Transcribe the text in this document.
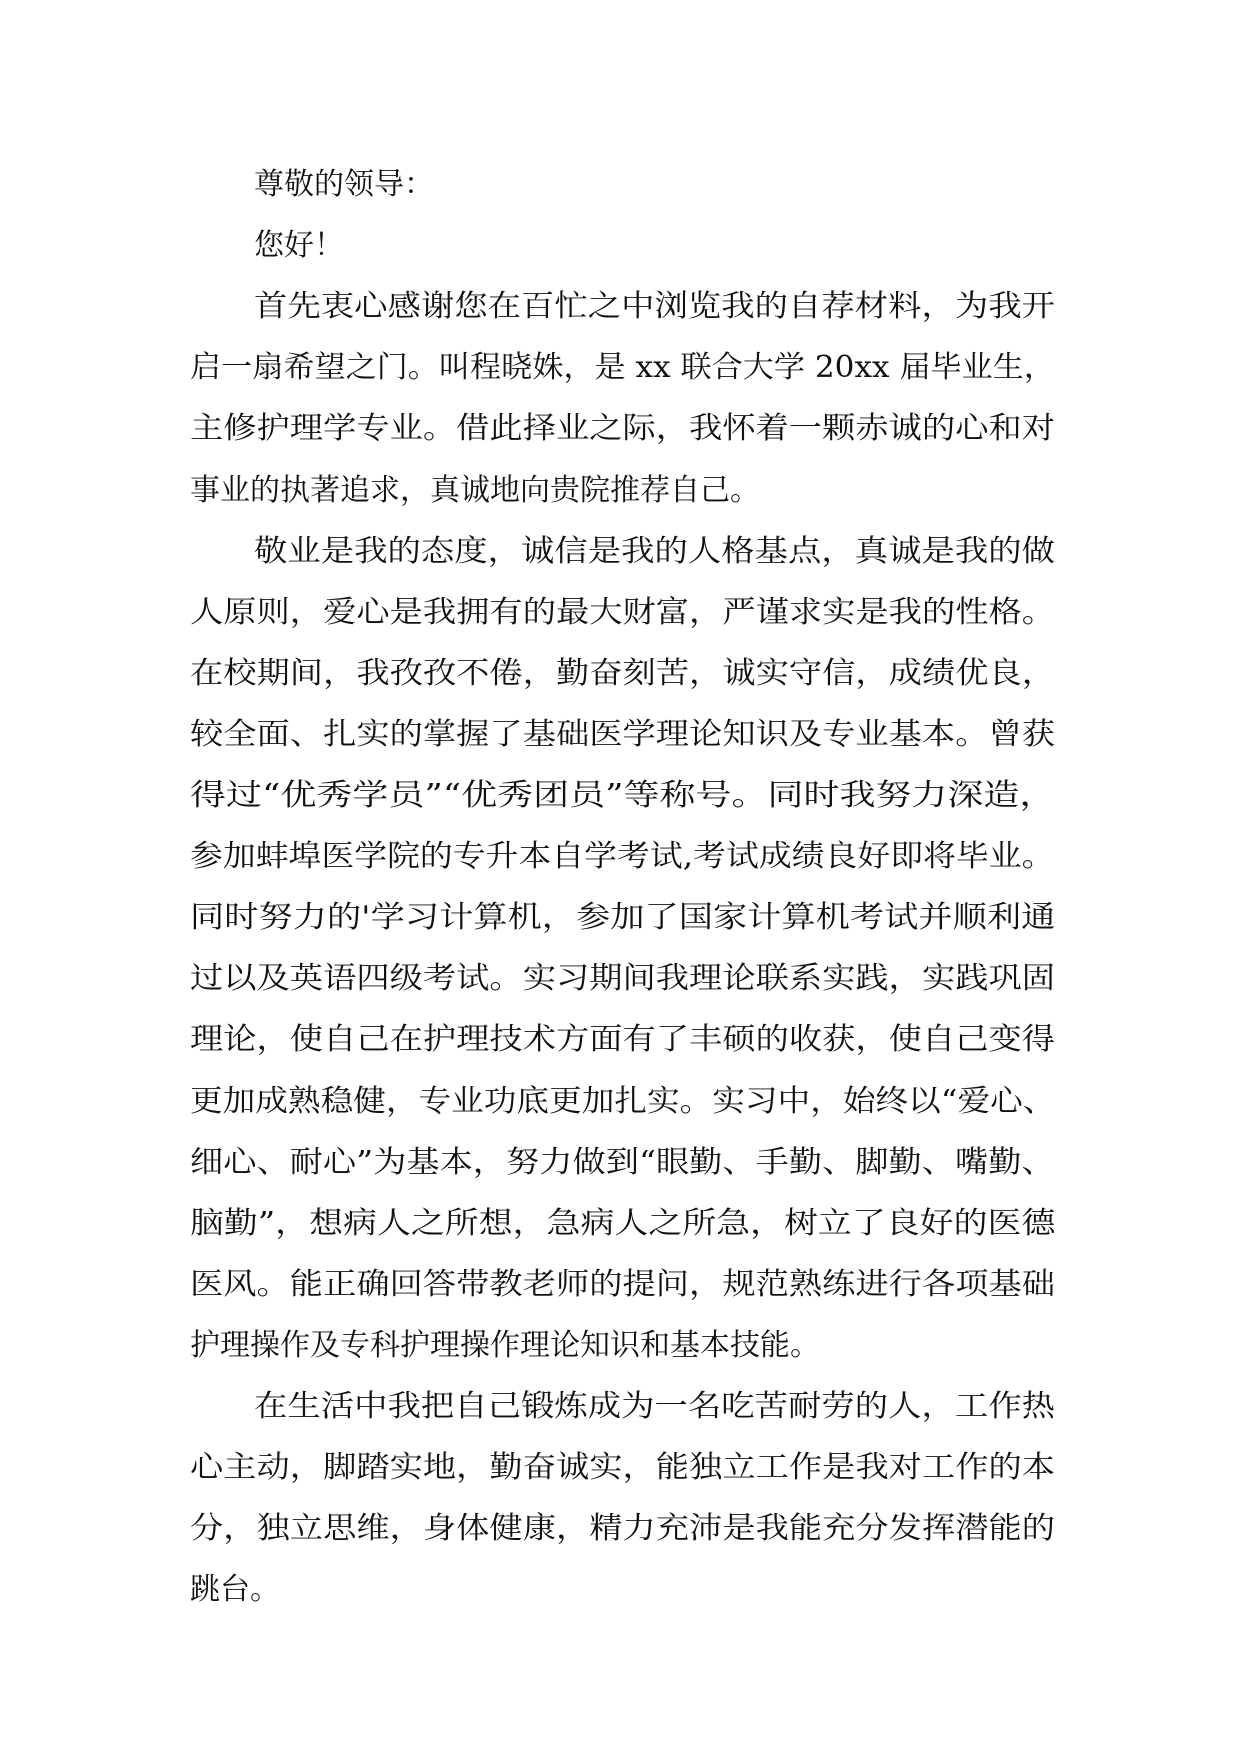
尊敬的领导：
您好！
首先衷心感谢您在百忙之中浏览我的自荐材料，为我开
启一扇希望之门。叫程晓姝，是 xx 联合大学 20xx 届毕业生，
主修护理学专业。借此择业之际，我怀着一颗赤诚的心和对
事业的执著追求，真诚地向贵院推荐自己。
敬业是我的态度，诚信是我的人格基点，真诚是我的做
人原则，爱心是我拥有的最大财富，严谨求实是我的性格。
在校期间，我孜孜不倦，勤奋刻苦，诚实守信，成绩优良，
较全面、扎实的掌握了基础医学理论知识及专业基本。曾获
得过“优秀学员”“优秀团员”等称号。同时我努力深造，
参加蚌埠医学院的专升本自学考试,考试成绩良好即将毕业。
同时努力的'学习计算机，参加了国家计算机考试并顺利通
过以及英语四级考试。实习期间我理论联系实践，实践巩固
理论，使自己在护理技术方面有了丰硕的收获，使自己变得
更加成熟稳健，专业功底更加扎实。实习中，始终以“爱心、
细心、耐心”为基本，努力做到“眼勤、手勤、脚勤、嘴勤、
脑勤”，想病人之所想，急病人之所急，树立了良好的医德
医风。能正确回答带教老师的提问，规范熟练进行各项基础
护理操作及专科护理操作理论知识和基本技能。
在生活中我把自己锻炼成为一名吃苦耐劳的人，工作热
心主动，脚踏实地，勤奋诚实，能独立工作是我对工作的本
分，独立思维，身体健康，精力充沛是我能充分发挥潜能的
跳台。
